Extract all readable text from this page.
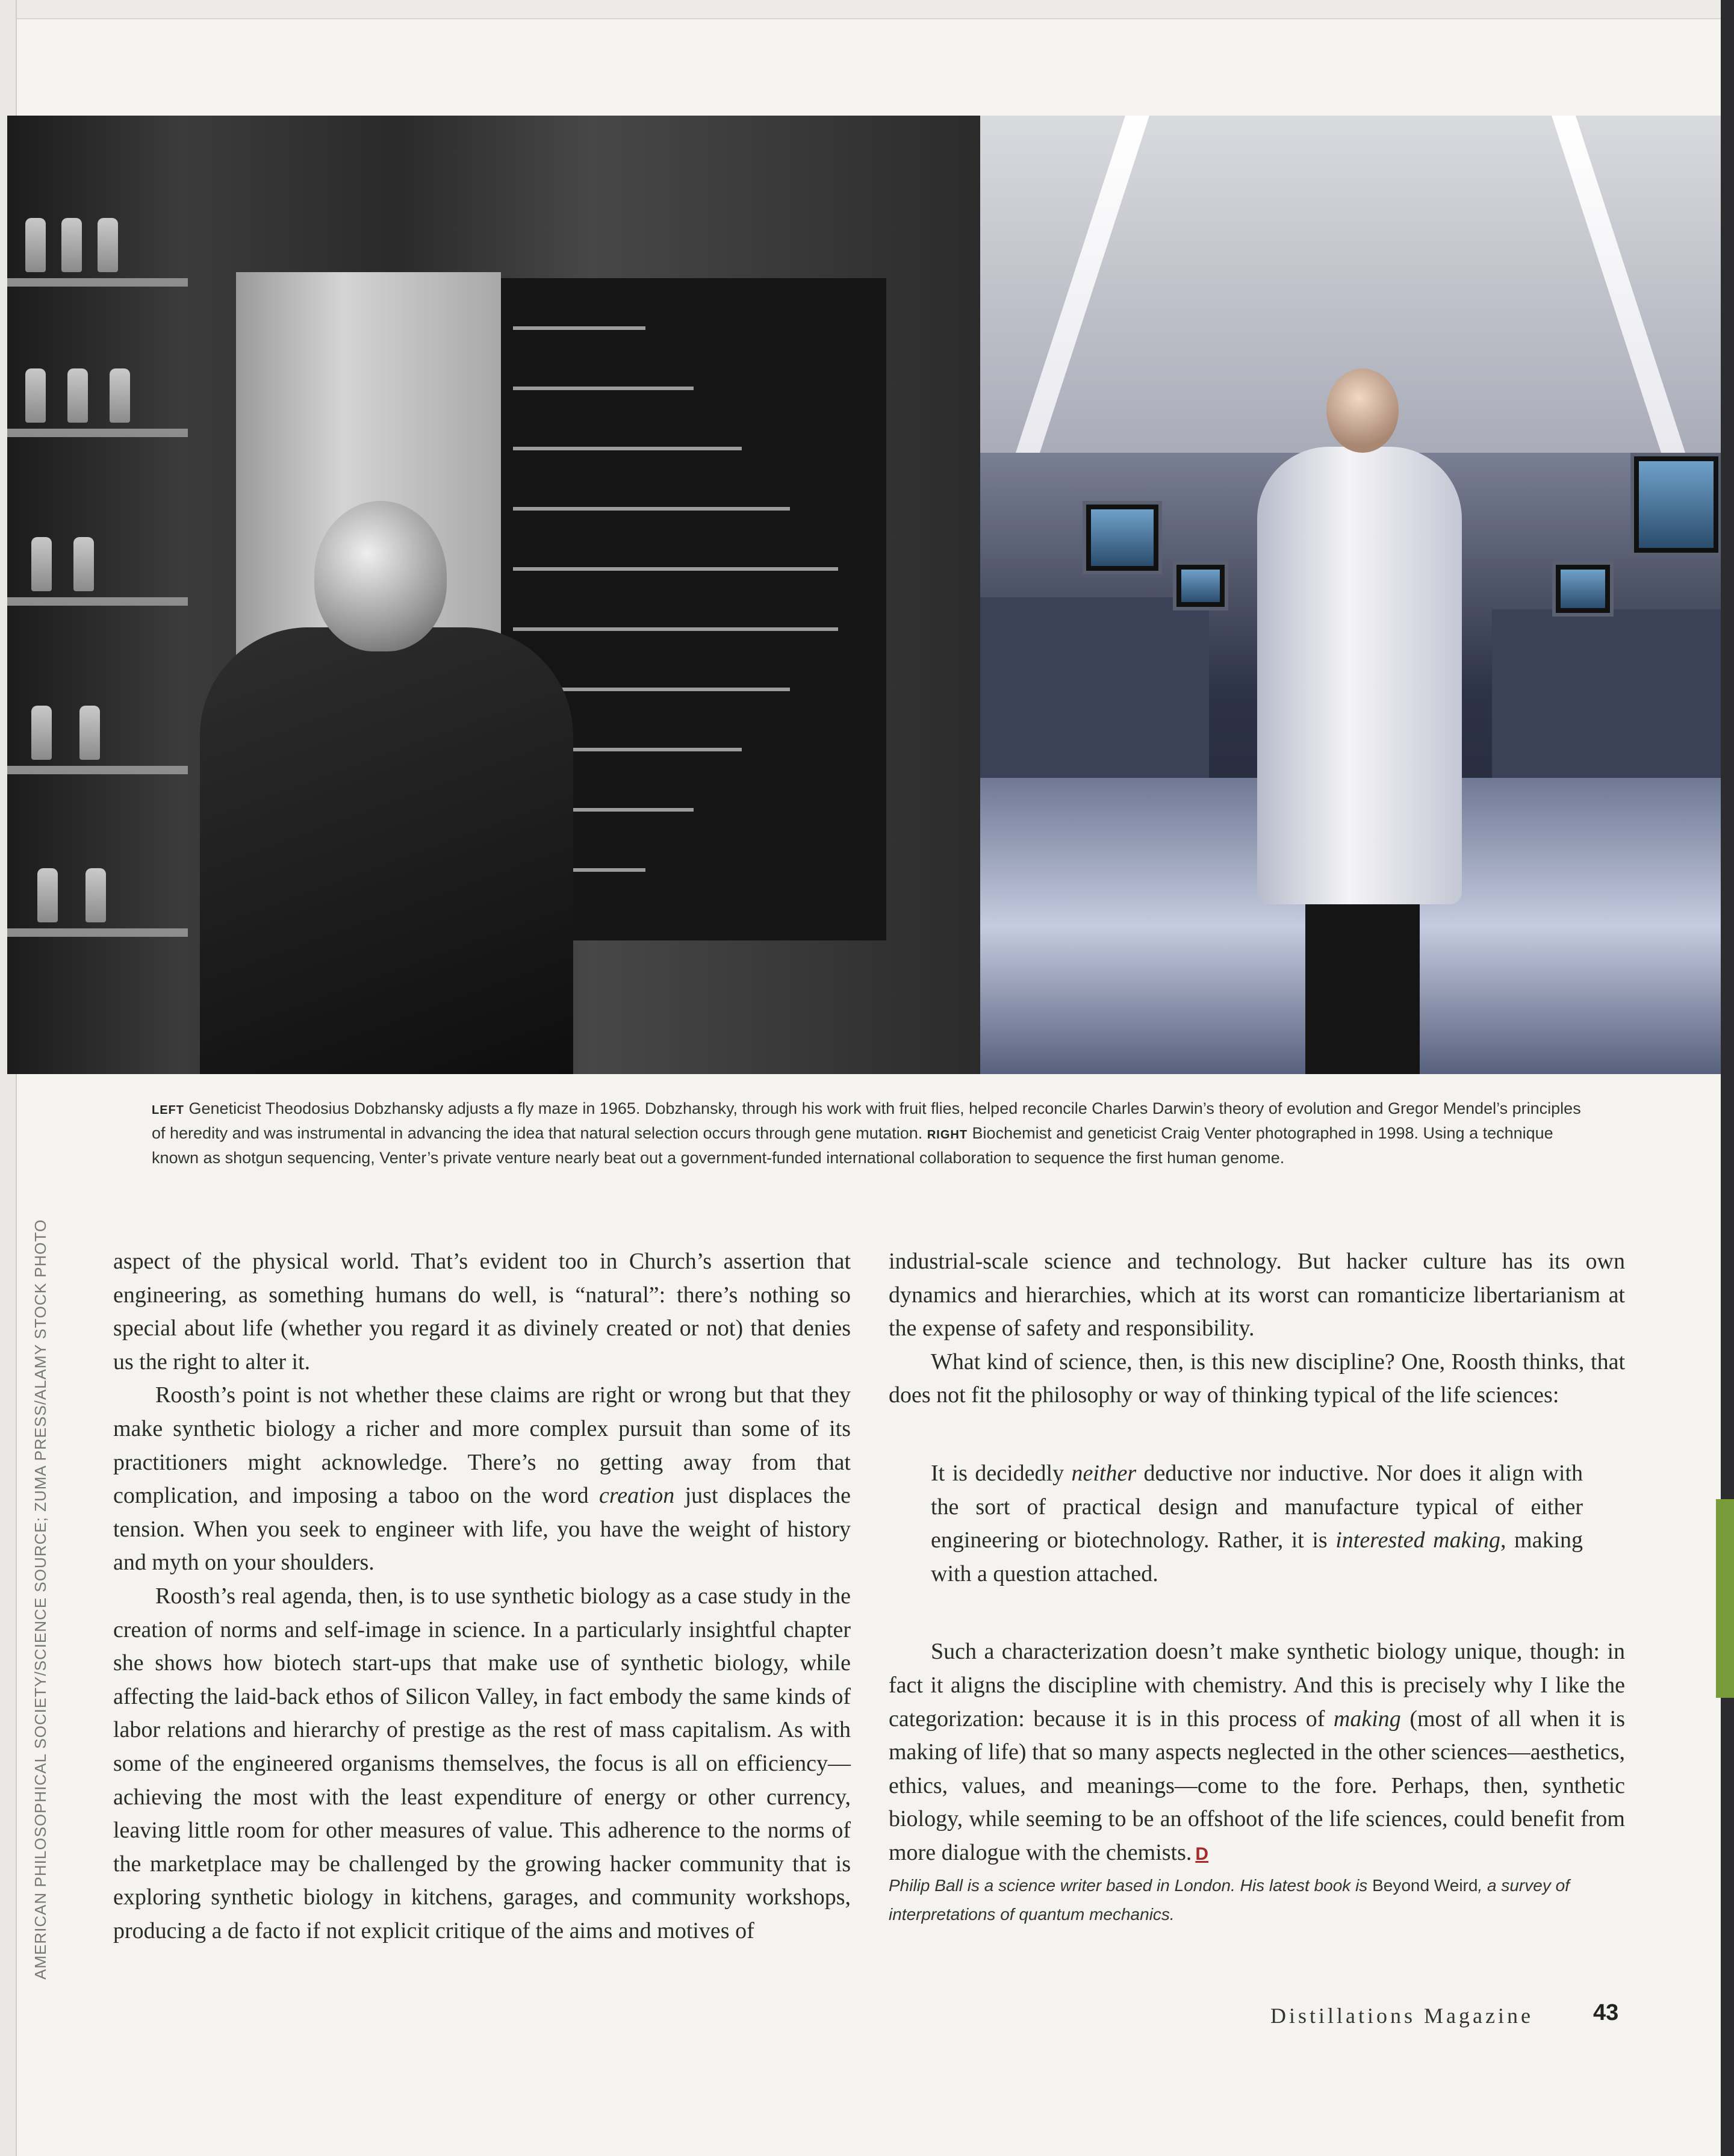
LEFT Geneticist Theodosius Dobzhansky adjusts a fly maze in 1965. Dobzhansky, through his work with fruit flies, helped reconcile Charles Darwin’s theory of evolution and Gregor Mendel’s principles of heredity and was instrumental in advancing the idea that natural selection occurs through gene mutation. RIGHT Biochemist and geneticist Craig Venter photographed in 1998. Using a technique known as shotgun sequencing, Venter’s private venture nearly beat out a government-funded international collaboration to sequence the first human genome.

aspect of the physical world. That’s evident too in Church’s assertion that engineering, as something humans do well, is “natural”: there’s nothing so special about life (whether you regard it as divinely created or not) that denies us the right to alter it.

Roosth’s point is not whether these claims are right or wrong but that they make synthetic biology a richer and more complex pursuit than some of its practitioners might acknowledge. There’s no getting away from that complication, and imposing a taboo on the word creation just displaces the tension. When you seek to engineer with life, you have the weight of history and myth on your shoulders.

Roosth’s real agenda, then, is to use synthetic biology as a case study in the creation of norms and self-image in science. In a particularly insightful chapter she shows how biotech start-ups that make use of synthetic biology, while affecting the laid-back ethos of Silicon Valley, in fact embody the same kinds of labor relations and hierarchy of prestige as the rest of mass capitalism. As with some of the engineered organisms themselves, the focus is all on efficiency—achieving the most with the least expenditure of energy or other currency, leaving little room for other measures of value. This adherence to the norms of the marketplace may be challenged by the growing hacker community that is exploring synthetic biology in kitchens, garages, and community workshops, producing a de facto if not explicit critique of the aims and motives of

industrial-scale science and technology. But hacker culture has its own dynamics and hierarchies, which at its worst can romanticize libertarianism at the expense of safety and responsibility.

What kind of science, then, is this new discipline? One, Roosth thinks, that does not fit the philosophy or way of thinking typical of the life sciences:

It is decidedly neither deductive nor inductive. Nor does it align with the sort of practical design and manufacture typical of either engineering or biotechnology. Rather, it is interested making, making with a question attached.

Such a characterization doesn’t make synthetic biology unique, though: in fact it aligns the discipline with chemistry. And this is precisely why I like the categorization: because it is in this process of making (most of all when it is making of life) that so many aspects neglected in the other sciences—aesthetics, ethics, values, and meanings—come to the fore. Perhaps, then, synthetic biology, while seeming to be an offshoot of the life sciences, could benefit from more dialogue with the chemists. D

Philip Ball is a science writer based in London. His latest book is Beyond Weird, a survey of interpretations of quantum mechanics.

AMERICAN PHILOSOPHICAL SOCIETY/SCIENCE SOURCE; ZUMA PRESS/ALAMY STOCK PHOTO
Distillations Magazine	43
